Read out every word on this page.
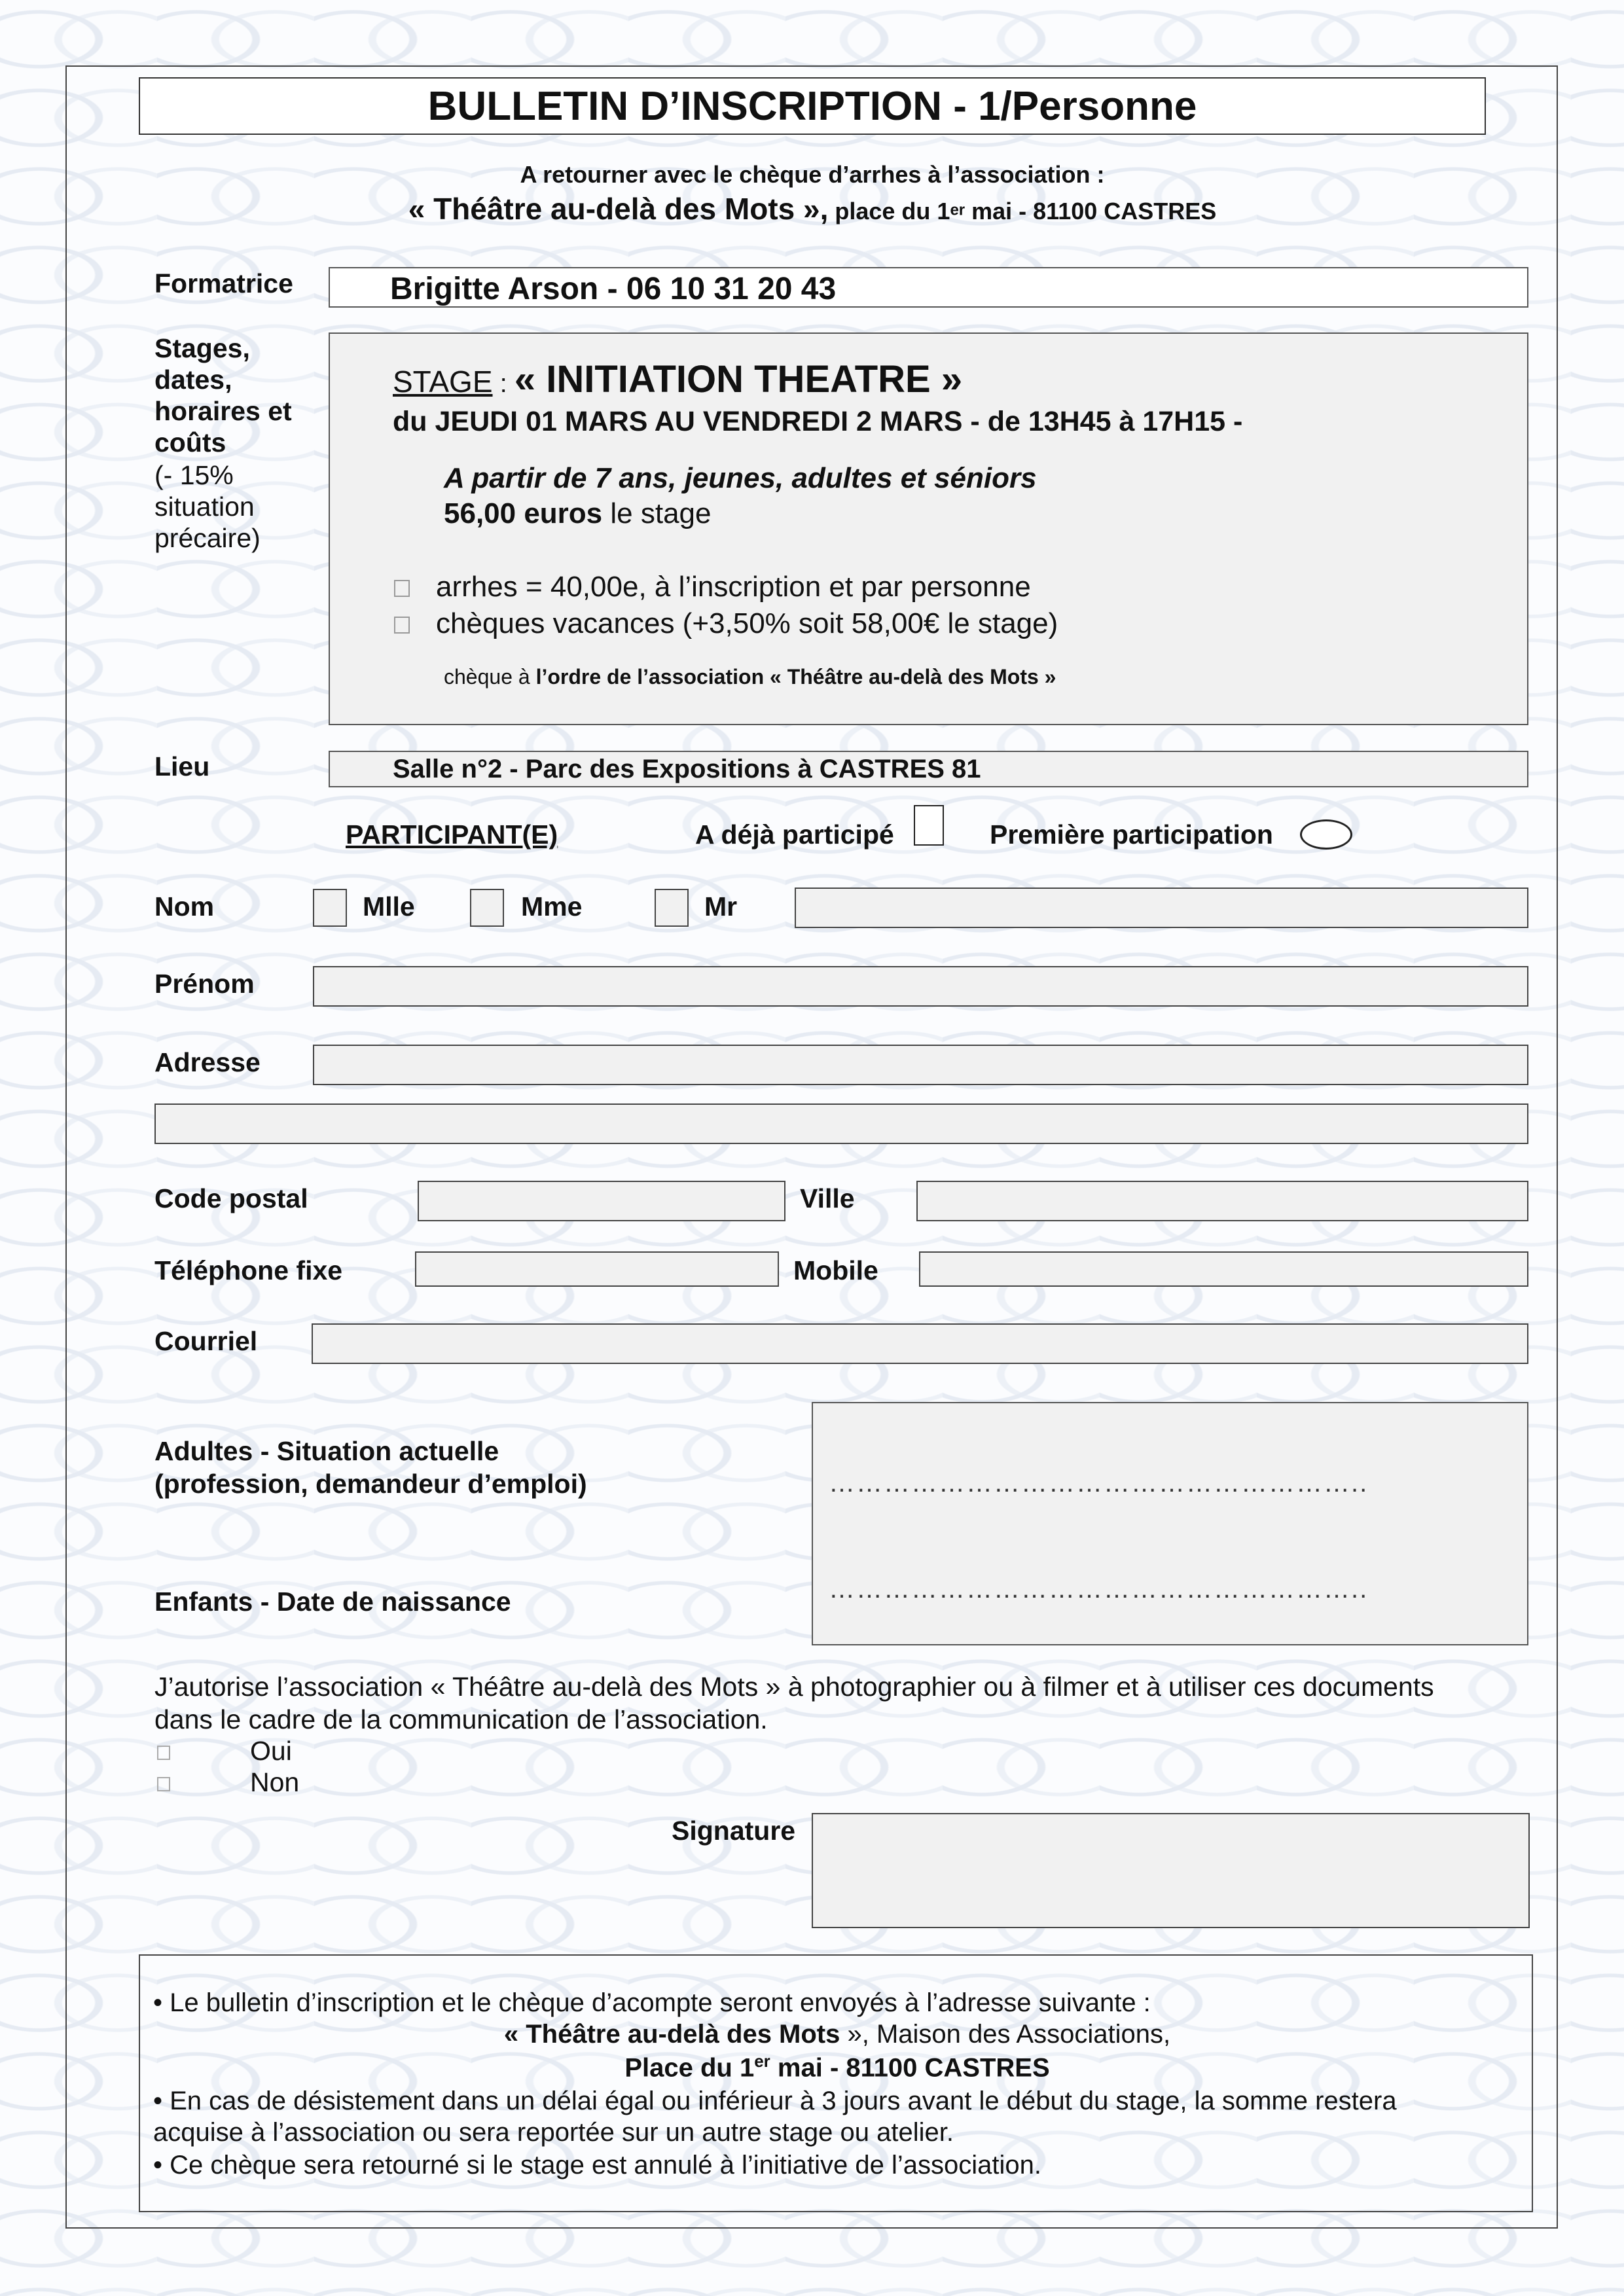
BULLETIN D’INSCRIPTION - 1/Personne
A retourner avec le chèque d’arrhes à l’association :
« Théâtre au-delà des Mots », place du 1er mai - 81100 CASTRES
Formatrice	Brigitte Arson - 06 10 31 20 43
Stages,
dates,
horaires et
coûts
(- 15%
situation
précaire)
STAGE : « INITIATION THEATRE »
du JEUDI 01 MARS AU VENDREDI 2 MARS - de 13H45 à 17H15 -
A partir de 7 ans, jeunes, adultes et séniors
56,00 euros le stage
arrhes = 40,00e, à l’inscription et par personne
chèques vacances (+3,50% soit 58,00€ le stage)
chèque à l’ordre de l’association « Théâtre au-delà des Mots »
Lieu	Salle n°2 - Parc des Expositions à CASTRES 81
PARTICIPANT(E)	A déjà participé	Première participation
Nom	Mlle	Mme	Mr
Prénom
Adresse
Code postal	Ville
Téléphone fixe	Mobile
Courriel
Adultes - Situation actuelle
(profession, demandeur d’emploi)
Enfants - Date de naissance
…………………………………………………..
…………………………………………………..
J’autorise l’association « Théâtre au-delà des Mots » à photographier ou à filmer et à utiliser ces documents
dans le cadre de la communication de l’association.
Oui
Non
Signature
• Le bulletin d’inscription et le chèque d’acompte seront envoyés à l’adresse suivante :
« Théâtre au-delà des Mots », Maison des Associations,
Place du 1er mai - 81100 CASTRES
• En cas de désistement dans un délai égal ou inférieur à 3 jours avant le début du stage, la somme restera
acquise à l’association ou sera reportée sur un autre stage ou atelier.
• Ce chèque sera retourné si le stage est annulé à l’initiative de l’association.
